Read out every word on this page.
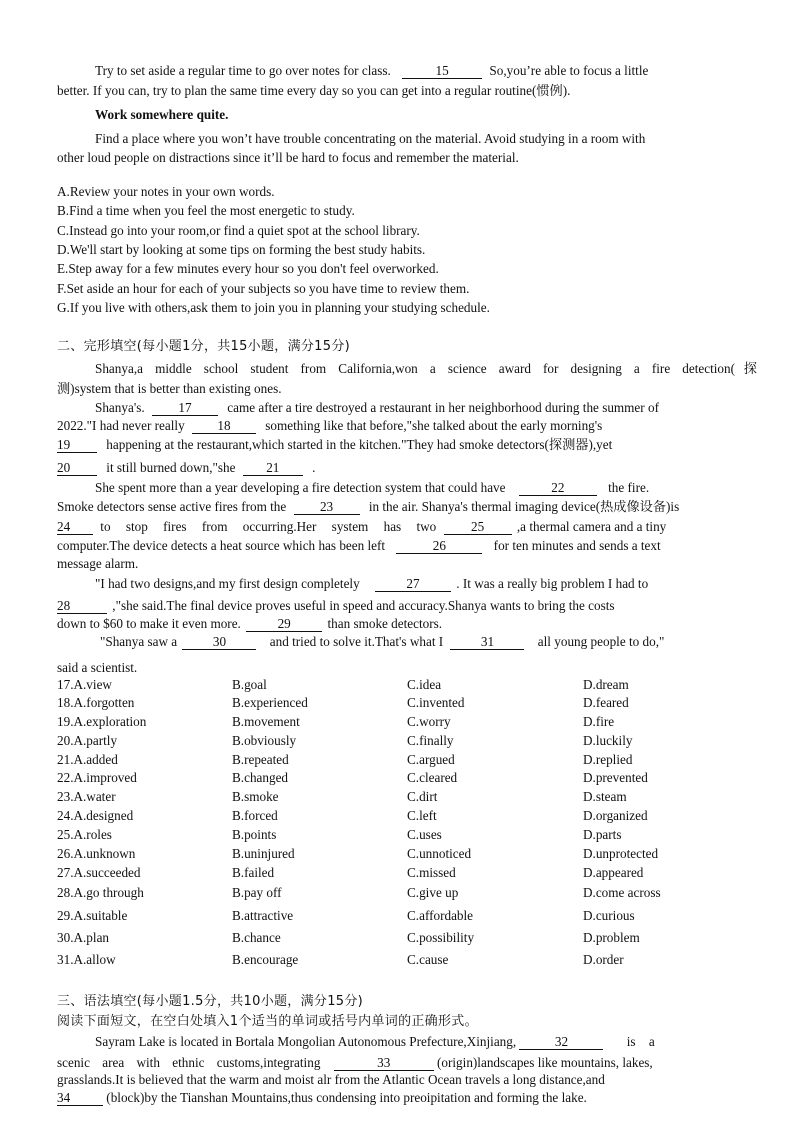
Try to set aside a regular time to go over notes for class.	15	So,you’re able to focus a little
better. If you can, try to plan the same time every day so you can get into a regular routine(惯例).
Work somewhere quite.
Find a place where you won’t have trouble concentrating on the material. Avoid studying in a room with
other loud people on distractions since it’ll be hard to focus and remember the material.
A.Review your notes in your own words.
B.Find a time when you feel the most energetic to study.
C.Instead go into your room,or find a quiet spot at the school library.
D.We'll start by looking at some tips on forming the best study habits.
E.Step away for a few minutes every hour so you don't feel overworked.
F.Set aside an hour for each of your subjects so you have time to review them.
G.If you live with others,ask them to join you in planning your studying schedule.
二、完形填空(每小题1分，共15小题，满分15分)
Shanya,a middle school student from California,won a science award for designing a fire detection(探
测)system that is better than existing ones.
Shanya's.	17	came after a tire destroyed a restaurant in her neighborhood during the summer of
2022."I had never really 18	something like that before,"she talked about the early morning's
19	happening at the restaurant,which started in the kitchen."They had smoke detectors(探测器),yet
20	it still burned down,"she 21 .
She spent more than a year developing a fire detection system that could have	22	the fire.
Smoke detectors sense active fires from the	23	in the air. Shanya's thermal imaging device(热成像设备)is
24 to stop fires from occurring.Her system has two	25 ,a thermal camera and a tiny
computer.The device detects a heat source which has been left	26	for ten minutes and sends a text
message alarm.
"I had two designs,and my first design completely	27	. It was a really big problem I had to
28	,"she said.The final device proves useful in speed and accuracy.Shanya wants to bring the costs
down to $60 to make it even more.	29	than smoke detectors.
"Shanya saw a	30	and tried to solve it.That's what I	31	all young people to do,"
said a scientist.
17.A.view	B.goal	C.idea	D.dream
18.A.forgotten	B.experienced	C.invented	D.feared
19.A.exploration	B.movement	C.worry	D.fire
20.A.partly	B.obviously	C.finally	D.luckily
21.A.added	B.repeated	C.argued	D.replied
22.A.improved	B.changed	C.cleared	D.prevented
23.A.water	B.smoke	C.dirt	D.steam
24.A.designed	B.forced	C.left	D.organized
25.A.roles	B.points	C.uses	D.parts
26.A.unknown	B.uninjured	C.unnoticed	D.unprotected
27.A.succeeded	B.failed	C.missed	D.appeared
28.A.go through	B.pay off	C.give up	D.come across
29.A.suitable	B.attractive	C.affordable	D.curious
30.A.plan	B.chance	C.possibility	D.problem
31.A.allow	B.encourage	C.cause	D.order
三、语法填空(每小题1.5分，共10小题，满分15分)
阅读下面短文，在空白处填入1个适当的单词或括号内单词的正确形式。
Sayram Lake is located in Bortala Mongolian Autonomous Prefecture,Xinjiang,	32	is a
scenic area with ethnic customs,integrating	33	(origin)landscapes like mountains, lakes,
grasslands.It is believed that the warm and moist alr from the Atlantic Ocean travels a long distance,and
34	(block)by the Tianshan Mountains,thus condensing into preoipitation and forming the lake.
